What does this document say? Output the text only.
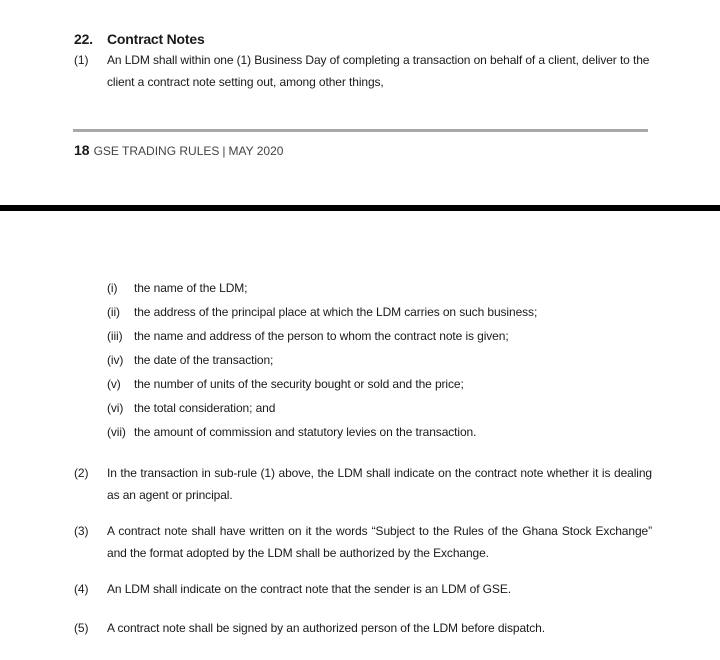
22. Contract Notes
(1) An LDM shall within one (1) Business Day of completing a transaction on behalf of a client, deliver to the client a contract note setting out, among other things,
18 GSE TRADING RULES | MAY 2020
(i) the name of the LDM;
(ii) the address of the principal place at which the LDM carries on such business;
(iii) the name and address of the person to whom the contract note is given;
(iv) the date of the transaction;
(v) the number of units of the security bought or sold and the price;
(vi) the total consideration; and
(vii) the amount of commission and statutory levies on the transaction.
(2) In the transaction in sub-rule (1) above, the LDM shall indicate on the contract note whether it is dealing as an agent or principal.
(3) A contract note shall have written on it the words “Subject to the Rules of the Ghana Stock Exchange” and the format adopted by the LDM shall be authorized by the Exchange.
(4) An LDM shall indicate on the contract note that the sender is an LDM of GSE.
(5) A contract note shall be signed by an authorized person of the LDM before dispatch.
